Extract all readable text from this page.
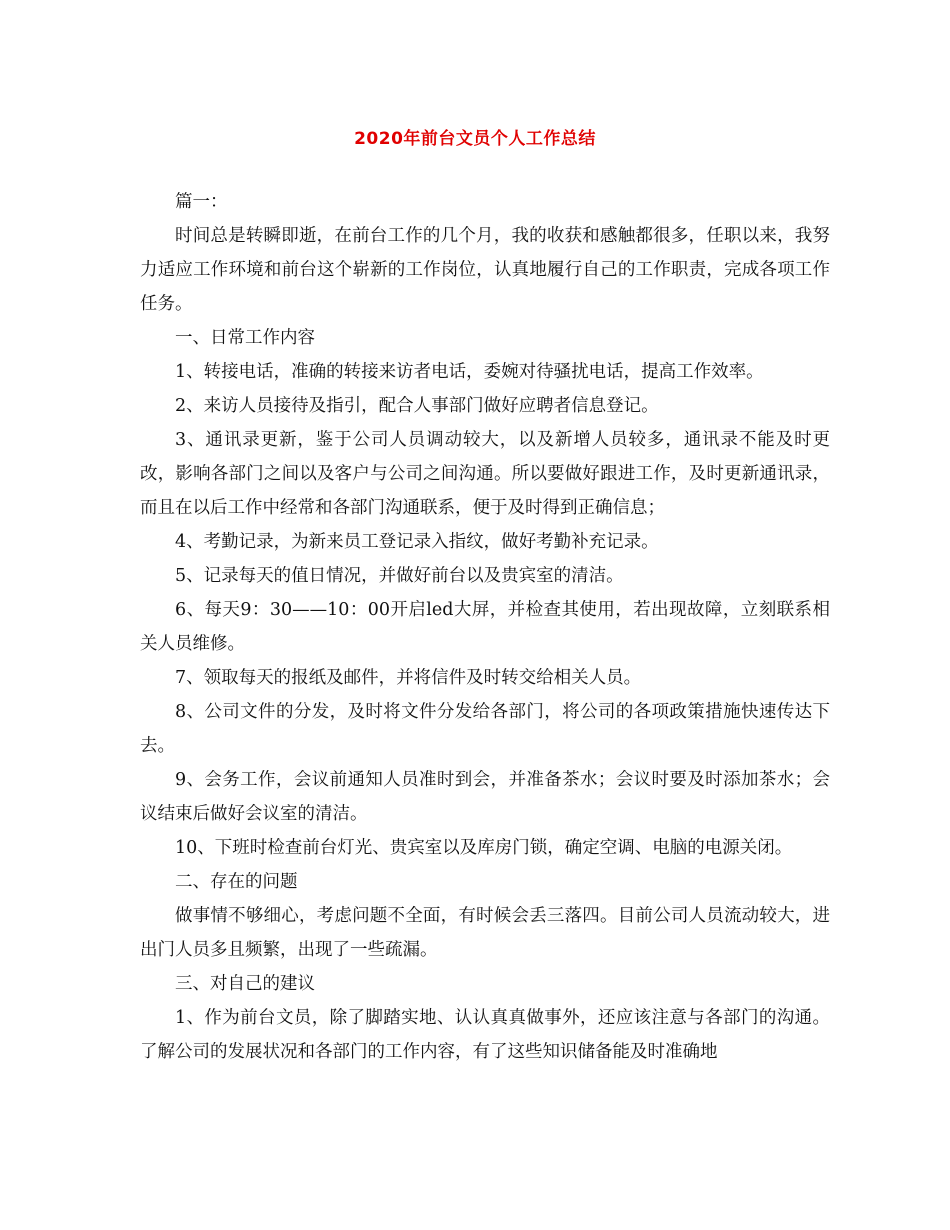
2020年前台文员个人工作总结

篇一：

时间总是转瞬即逝，在前台工作的几个月，我的收获和感触都很多，任职以来，我努力适应工作环境和前台这个崭新的工作岗位，认真地履行自己的工作职责，完成各项工作任务。

一、日常工作内容

1、转接电话，准确的转接来访者电话，委婉对待骚扰电话，提高工作效率。

2、来访人员接待及指引，配合人事部门做好应聘者信息登记。

3、通讯录更新，鉴于公司人员调动较大，以及新增人员较多，通讯录不能及时更改，影响各部门之间以及客户与公司之间沟通。所以要做好跟进工作，及时更新通讯录，而且在以后工作中经常和各部门沟通联系，便于及时得到正确信息；

4、考勤记录，为新来员工登记录入指纹，做好考勤补充记录。

5、记录每天的值日情况，并做好前台以及贵宾室的清洁。

6、每天9：30——10：00开启led大屏，并检查其使用，若出现故障，立刻联系相关人员维修。

7、领取每天的报纸及邮件，并将信件及时转交给相关人员。

8、公司文件的分发，及时将文件分发给各部门，将公司的各项政策措施快速传达下去。

9、会务工作，会议前通知人员准时到会，并准备茶水；会议时要及时添加茶水；会议结束后做好会议室的清洁。

10、下班时检查前台灯光、贵宾室以及库房门锁，确定空调、电脑的电源关闭。

二、存在的问题

做事情不够细心，考虑问题不全面，有时候会丢三落四。目前公司人员流动较大，进出门人员多且频繁，出现了一些疏漏。

三、对自己的建议

1、作为前台文员，除了脚踏实地、认认真真做事外，还应该注意与各部门的沟通。了解公司的发展状况和各部门的工作内容，有了这些知识储备能及时准确地
